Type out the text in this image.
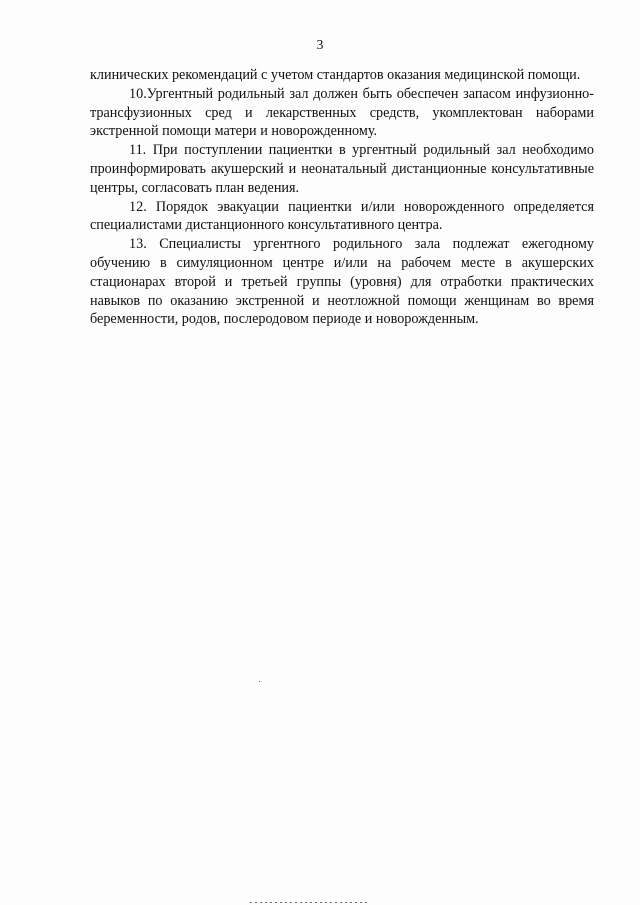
3

клинических рекомендаций с учетом стандартов оказания медицинской помощи.

10.Ургентный родильный зал должен быть обеспечен запасом инфузионно-трансфузионных сред и лекарственных средств, укомплектован наборами экстренной помощи матери и новорожденному.

11. При поступлении пациентки в ургентный родильный зал необходимо проинформировать акушерский и неонатальный дистанционные консультативные центры, согласовать план ведения.

12. Порядок эвакуации пациентки и/или новорожденного определяется специалистами дистанционного консультативного центра.

13. Специалисты ургентного родильного зала подлежат ежегодному обучению в симуляционном центре и/или на рабочем месте в акушерских стационарах второй и третьей группы (уровня) для отработки практических навыков по оказанию экстренной и неотложной помощи женщинам во время беременности, родов, послеродовом периоде и новорожденным.
